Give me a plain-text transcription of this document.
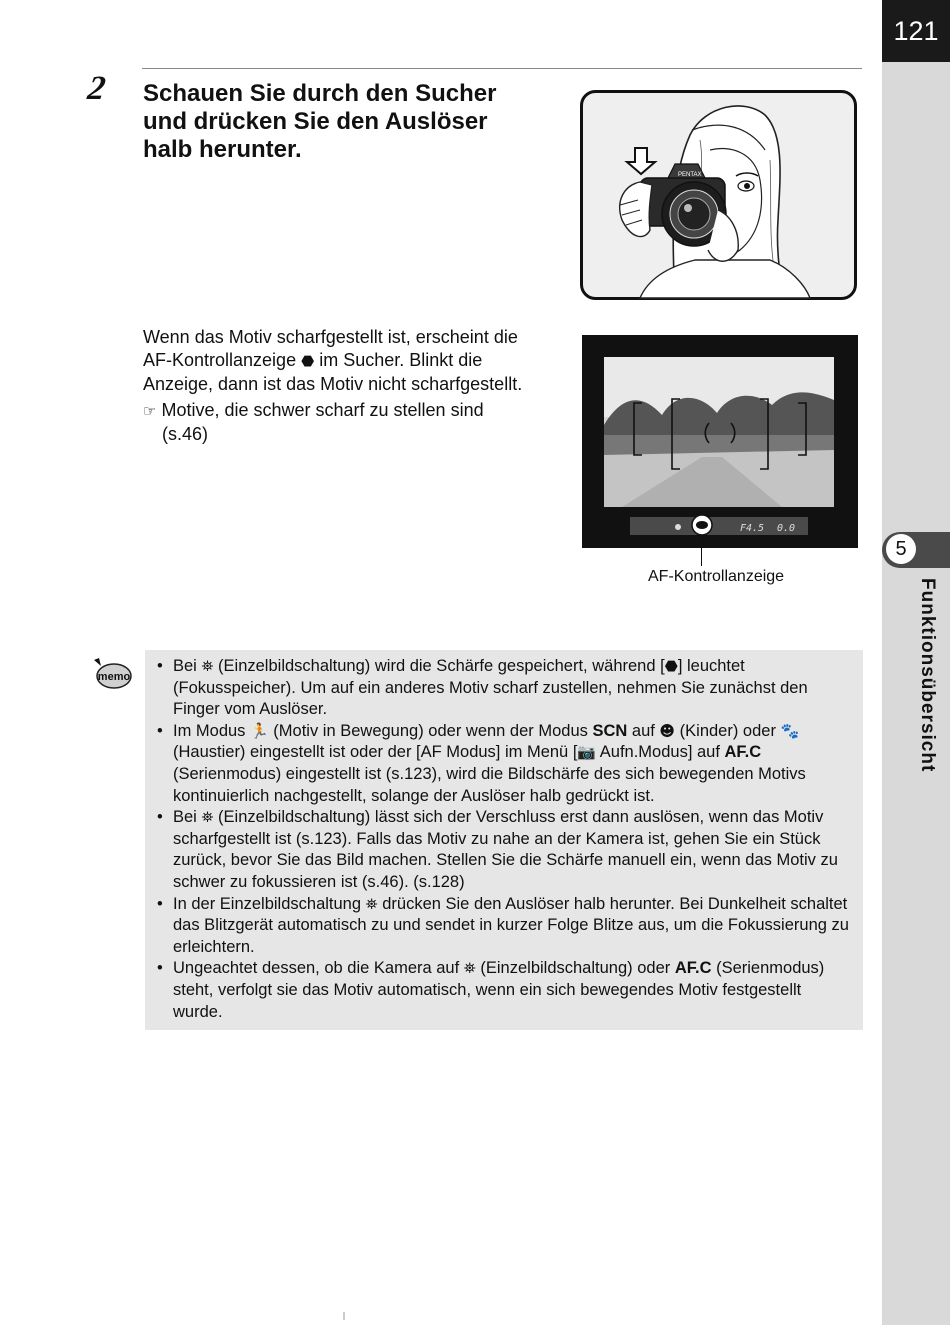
121
5
Funktionsübersicht
2 Schauen Sie durch den Sucher
und drücken Sie den Auslöser
halb herunter.
PENTAX

Wenn das Motiv scharfgestellt ist, erscheint die AF-Kontrollanzeige ⬣ im Sucher. Blinkt die Anzeige, dann ist das Motiv nicht scharfgestellt.

☞ Motive, die schwer scharf zu stellen sind
(s.46)

F4.5 0.0
AF-Kontrollanzeige
memo
• Bei ⛯ (Einzelbildschaltung) wird die Schärfe gespeichert, während [⬣] leuchtet (Fokusspeicher). Um auf ein anderes Motiv scharf zustellen, nehmen Sie zunächst den Finger vom Auslöser.
• Im Modus 🏃 (Motiv in Bewegung) oder wenn der Modus SCN auf ☻ (Kinder) oder 🐾 (Haustier) eingestellt ist oder der [AF Modus] im Menü [📷 Aufn.Modus] auf AF.C (Serienmodus) eingestellt ist (s.123), wird die Bildschärfe des sich bewegenden Motivs kontinuierlich nachgestellt, solange der Auslöser halb gedrückt ist.
• Bei ⛯ (Einzelbildschaltung) lässt sich der Verschluss erst dann auslösen, wenn das Motiv scharfgestellt ist (s.123). Falls das Motiv zu nahe an der Kamera ist, gehen Sie ein Stück zurück, bevor Sie das Bild machen. Stellen Sie die Schärfe manuell ein, wenn das Motiv zu schwer zu fokussieren ist (s.46). (s.128)
• In der Einzelbildschaltung ⛯ drücken Sie den Auslöser halb herunter. Bei Dunkelheit schaltet das Blitzgerät automatisch zu und sendet in kurzer Folge Blitze aus, um die Fokussierung zu erleichtern.
• Ungeachtet dessen, ob die Kamera auf ⛯ (Einzelbildschaltung) oder AF.C (Serienmodus) steht, verfolgt sie das Motiv automatisch, wenn ein sich bewegendes Motiv festgestellt wurde.
